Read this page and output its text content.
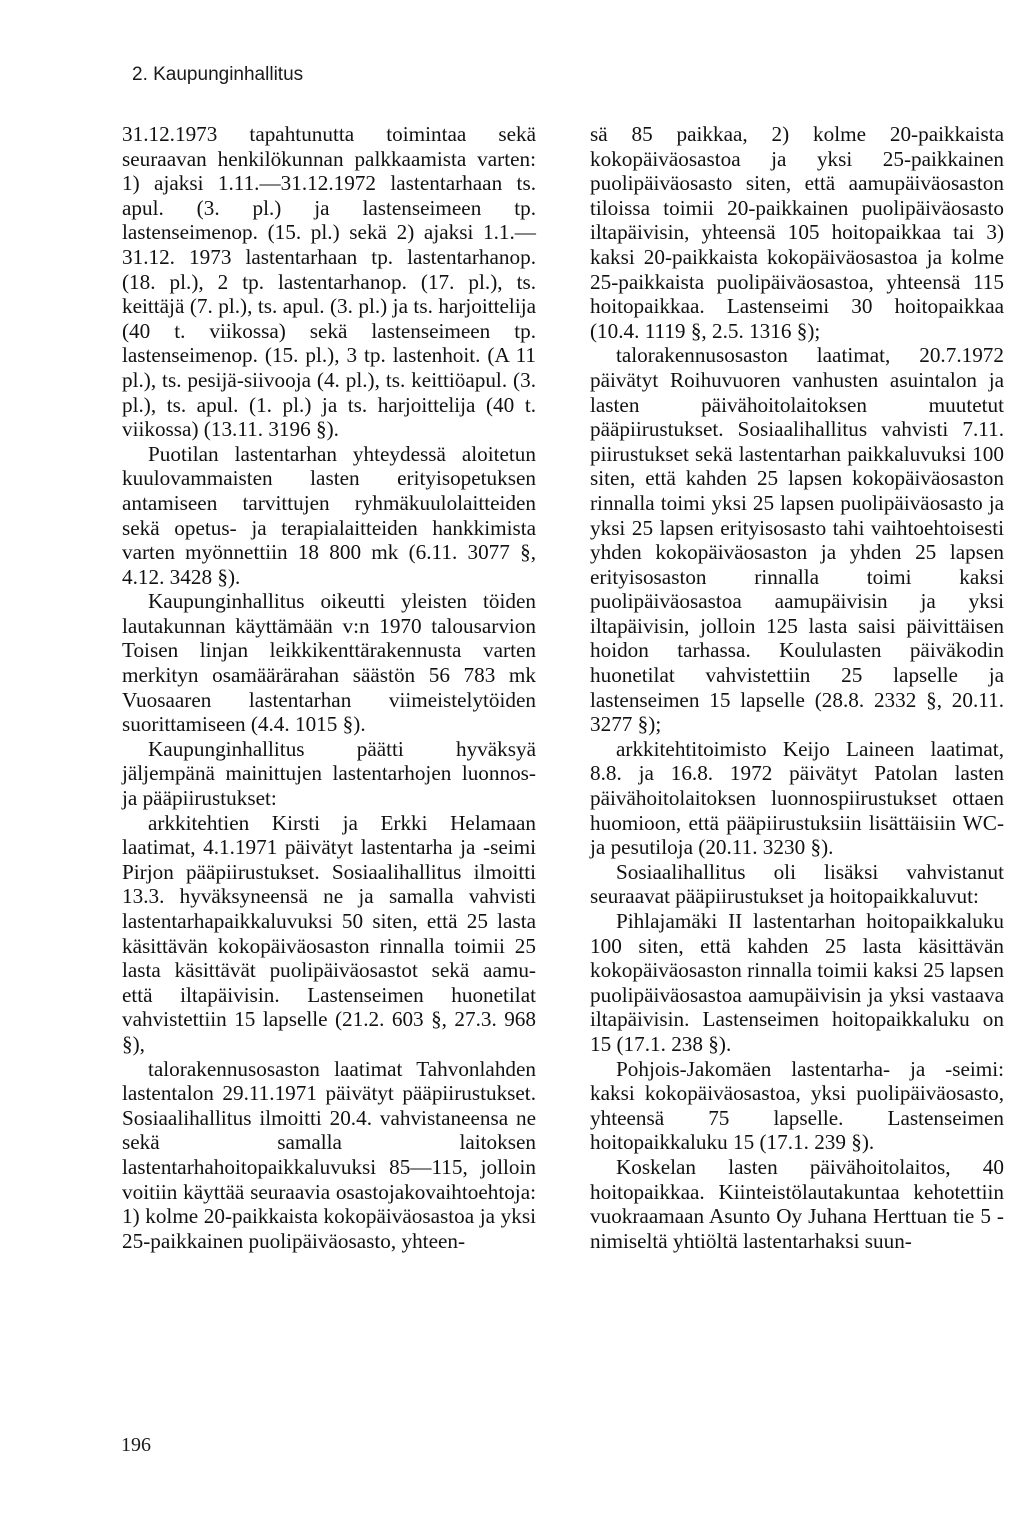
2. Kaupunginhallitus

31.12.1973 tapahtunutta toimintaa sekä seuraavan henkilökunnan palkkaamista varten: 1) ajaksi 1.11.—31.12.1972 lastentarhaan ts. apul. (3. pl.) ja lastenseimeen tp. lastenseimenop. (15. pl.) sekä 2) ajaksi 1.1.—31.12. 1973 lastentarhaan tp. lastentarhanop. (18. pl.), 2 tp. lastentarhanop. (17. pl.), ts. keittäjä (7. pl.), ts. apul. (3. pl.) ja ts. harjoittelija (40 t. viikossa) sekä lastenseimeen tp. lastenseimenop. (15. pl.), 3 tp. lastenhoit. (A 11 pl.), ts. pesijä-siivooja (4. pl.), ts. keittiöapul. (3. pl.), ts. apul. (1. pl.) ja ts. harjoittelija (40 t. viikossa) (13.11. 3196 §).

Puotilan lastentarhan yhteydessä aloitetun kuulovammaisten lasten erityisopetuksen antamiseen tarvittujen ryhmäkuulolaitteiden sekä opetus- ja terapialaitteiden hankkimista varten myönnettiin 18 800 mk (6.11. 3077 §, 4.12. 3428 §).

Kaupunginhallitus oikeutti yleisten töiden lautakunnan käyttämään v:n 1970 talousarvion Toisen linjan leikkikenttärakennusta varten merkityn osamäärärahan säästön 56 783 mk Vuosaaren lastentarhan viimeistelytöiden suorittamiseen (4.4. 1015 §).

Kaupunginhallitus päätti hyväksyä jäljempänä mainittujen lastentarhojen luonnos- ja pääpiirustukset:

arkkitehtien Kirsti ja Erkki Helamaan laatimat, 4.1.1971 päivätyt lastentarha ja -seimi Pirjon pääpiirustukset. Sosiaalihallitus ilmoitti 13.3. hyväksyneensä ne ja samalla vahvisti lastentarhapaikkaluvuksi 50 siten, että 25 lasta käsittävän kokopäiväosaston rinnalla toimii 25 lasta käsittävät puolipäiväosastot sekä aamu- että iltapäivisin. Lastenseimen huonetilat vahvistettiin 15 lapselle (21.2. 603 §, 27.3. 968 §),

talorakennusosaston laatimat Tahvonlahden lastentalon 29.11.1971 päivätyt pääpiirustukset. Sosiaalihallitus ilmoitti 20.4. vahvistaneensa ne sekä samalla laitoksen lastentarhahoitopaikkaluvuksi 85—115, jolloin voitiin käyttää seuraavia osastojakovaihtoehtoja: 1) kolme 20-paikkaista kokopäiväosastoa ja yksi 25-paikkainen puolipäiväosasto, yhteen-

sä 85 paikkaa, 2) kolme 20-paikkaista kokopäiväosastoa ja yksi 25-paikkainen puolipäiväosasto siten, että aamupäiväosaston tiloissa toimii 20-paikkainen puolipäiväosasto iltapäivisin, yhteensä 105 hoitopaikkaa tai 3) kaksi 20-paikkaista kokopäiväosastoa ja kolme 25-paikkaista puolipäiväosastoa, yhteensä 115 hoitopaikkaa. Lastenseimi 30 hoitopaikkaa (10.4. 1119 §, 2.5. 1316 §);

talorakennusosaston laatimat, 20.7.1972 päivätyt Roihuvuoren vanhusten asuintalon ja lasten päivähoitolaitoksen muutetut pääpiirustukset. Sosiaalihallitus vahvisti 7.11. piirustukset sekä lastentarhan paikkaluvuksi 100 siten, että kahden 25 lapsen kokopäiväosaston rinnalla toimi yksi 25 lapsen puolipäiväosasto ja yksi 25 lapsen erityisosasto tahi vaihtoehtoisesti yhden kokopäiväosaston ja yhden 25 lapsen erityisosaston rinnalla toimi kaksi puolipäiväosastoa aamupäivisin ja yksi iltapäivisin, jolloin 125 lasta saisi päivittäisen hoidon tarhassa. Koululasten päiväkodin huonetilat vahvistettiin 25 lapselle ja lastenseimen 15 lapselle (28.8. 2332 §, 20.11. 3277 §);

arkkitehtitoimisto Keijo Laineen laatimat, 8.8. ja 16.8. 1972 päivätyt Patolan lasten päivähoitolaitoksen luonnospiirustukset ottaen huomioon, että pääpiirustuksiin lisättäisiin WC- ja pesutiloja (20.11. 3230 §).

Sosiaalihallitus oli lisäksi vahvistanut seuraavat pääpiirustukset ja hoitopaikkaluvut:

Pihlajamäki II lastentarhan hoitopaikkaluku 100 siten, että kahden 25 lasta käsittävän kokopäiväosaston rinnalla toimii kaksi 25 lapsen puolipäiväosastoa aamupäivisin ja yksi vastaava iltapäivisin. Lastenseimen hoitopaikkaluku on 15 (17.1. 238 §).

Pohjois-Jakomäen lastentarha- ja -seimi: kaksi kokopäiväosastoa, yksi puolipäiväosasto, yhteensä 75 lapselle. Lastenseimen hoitopaikkaluku 15 (17.1. 239 §).

Koskelan lasten päivähoitolaitos, 40 hoitopaikkaa. Kiinteistölautakuntaa kehotettiin vuokraamaan Asunto Oy Juhana Herttuan tie 5 -nimiseltä yhtiöltä lastentarhaksi suun-

196
